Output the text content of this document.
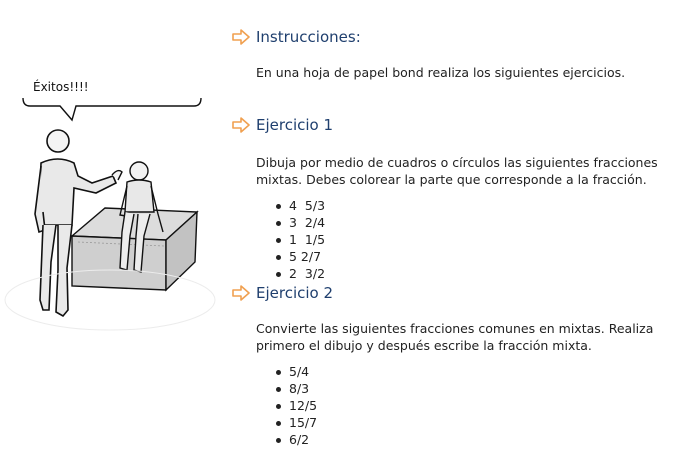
Éxitos!!!!
Instrucciones:

En una hoja de papel bond realiza los siguientes ejercicios.

Ejercicio 1

Dibuja por medio de cuadros o círculos las siguientes fracciones mixtas. Debes colorear la parte que corresponde a la fracción.

4  5/3
3  2/4
1  1/5
5 2/7
2  3/2
Ejercicio 2

Convierte las siguientes fracciones comunes en mixtas. Realiza primero el dibujo y después escribe la fracción mixta.

5/4
8/3
12/5
15/7
6/2
